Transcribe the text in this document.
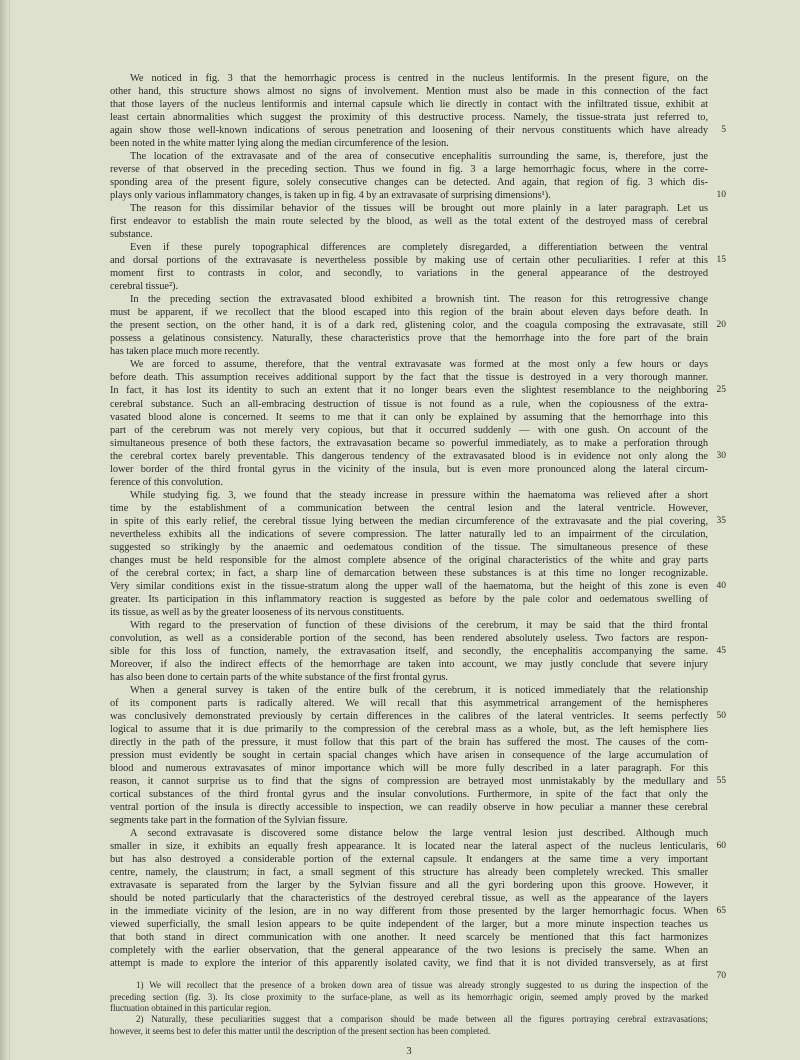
We noticed in fig. 3 that the hemorrhagic process is centred in the nucleus lentiformis. In the present figure, on the
other hand, this structure shows almost no signs of involvement. Mention must also be made in this connection of the fact
that those layers of the nucleus lentiformis and internal capsule which lie directly in contact with the infiltrated tissue, exhibit at
least certain abnormalities which suggest the proximity of this destructive process. Namely, the tissue-strata just referred to,
again show those well-known indications of serous penetration and loosening of their nervous constituents which have already
been noted in the white matter lying along the median circumference of the lesion.
The location of the extravasate and of the area of consecutive encephalitis surrounding the same, is, therefore, just the
reverse of that observed in the preceding section. Thus we found in fig. 3 a large hemorrhagic focus, where in the corre-
sponding area of the present figure, solely consecutive changes can be detected. And again, that region of fig. 3 which dis-
plays only various inflammatory changes, is taken up in fig. 4 by an extravasate of surprising dimensions¹).
The reason for this dissimilar behavior of the tissues will be brought out more plainly in a later paragraph. Let us
first endeavor to establish the main route selected by the blood, as well as the total extent of the destroyed mass of cerebral
substance.
Even if these purely topographical differences are completely disregarded, a differentiation between the ventral
and dorsal portions of the extravasate is nevertheless possible by making use of certain other peculiarities. I refer at this
moment first to contrasts in color, and secondly, to variations in the general appearance of the destroyed
cerebral tissue²).
In the preceding section the extravasated blood exhibited a brownish tint. The reason for this retrogressive change
must be apparent, if we recollect that the blood escaped into this region of the brain about eleven days before death. In
the present section, on the other hand, it is of a dark red, glistening color, and the coagula composing the extravasate, still
possess a gelatinous consistency. Naturally, these characteristics prove that the hemorrhage into the fore part of the brain
has taken place much more recently.
We are forced to assume, therefore, that the ventral extravasate was formed at the most only a few hours or days
before death. This assumption receives additional support by the fact that the tissue is destroyed in a very thorough manner.
In fact, it has lost its identity to such an extent that it no longer bears even the slightest resemblance to the neighboring
cerebral substance. Such an all-embracing destruction of tissue is not found as a rule, when the copiousness of the extra-
vasated blood alone is concerned. It seems to me that it can only be explained by assuming that the hemorrhage into this
part of the cerebrum was not merely very copious, but that it occurred suddenly — with one gush. On account of the
simultaneous presence of both these factors, the extravasation became so powerful immediately, as to make a perforation through
the cerebral cortex barely preventable. This dangerous tendency of the extravasated blood is in evidence not only along the
lower border of the third frontal gyrus in the vicinity of the insula, but is even more pronounced along the lateral circum-
ference of this convolution.
While studying fig. 3, we found that the steady increase in pressure within the haematoma was relieved after a short
time by the establishment of a communication between the central lesion and the lateral ventricle. However,
in spite of this early relief, the cerebral tissue lying between the median circumference of the extravasate and the pial covering,
nevertheless exhibits all the indications of severe compression. The latter naturally led to an impairment of the circulation,
suggested so strikingly by the anaemic and oedematous condition of the tissue. The simultaneous presence of these
changes must be held responsible for the almost complete absence of the original characteristics of the white and gray parts
of the cerebral cortex; in fact, a sharp line of demarcation between these substances is at this time no longer recognizable.
Very similar conditions exist in the tissue-stratum along the upper wall of the haematoma, but the height of this zone is even
greater. Its participation in this inflammatory reaction is suggested as before by the pale color and oedematous swelling of
its tissue, as well as by the greater looseness of its nervous constituents.
With regard to the preservation of function of these divisions of the cerebrum, it may be said that the third frontal
convolution, as well as a considerable portion of the second, has been rendered absolutely useless. Two factors are respon-
sible for this loss of function, namely, the extravasation itself, and secondly, the encephalitis accompanying the same.
Moreover, if also the indirect effects of the hemorrhage are taken into account, we may justly conclude that severe injury
has also been done to certain parts of the white substance of the first frontal gyrus.
When a general survey is taken of the entire bulk of the cerebrum, it is noticed immediately that the relationship
of its component parts is radically altered. We will recall that this asymmetrical arrangement of the hemispheres
was conclusively demonstrated previously by certain differences in the calibres of the lateral ventricles. It seems perfectly
logical to assume that it is due primarily to the compression of the cerebral mass as a whole, but, as the left hemisphere lies
directly in the path of the pressure, it must follow that this part of the brain has suffered the most. The causes of the com-
pression must evidently be sought in certain spacial changes which have arisen in consequence of the large accumulation of
blood and numerous extravasates of minor importance which will be more fully described in a later paragraph. For this
reason, it cannot surprise us to find that the signs of compression are betrayed most unmistakably by the medullary and
cortical substances of the third frontal gyrus and the insular convolutions. Furthermore, in spite of the fact that only the
ventral portion of the insula is directly accessible to inspection, we can readily observe in how peculiar a manner these cerebral
segments take part in the formation of the Sylvian fissure.
A second extravasate is discovered some distance below the large ventral lesion just described. Although much
smaller in size, it exhibits an equally fresh appearance. It is located near the lateral aspect of the nucleus lenticularis,
but has also destroyed a considerable portion of the external capsule. It endangers at the same time a very important
centre, namely, the claustrum; in fact, a small segment of this structure has already been completely wrecked. This smaller
extravasate is separated from the larger by the Sylvian fissure and all the gyri bordering upon this groove. However, it
should be noted particularly that the characteristics of the destroyed cerebral tissue, as well as the appearance of the layers
in the immediate vicinity of the lesion, are in no way different from those presented by the larger hemorrhagic focus. When
viewed superficially, the small lesion appears to be quite independent of the larger, but a more minute inspection teaches us
that both stand in direct communication with one another. It need scarcely be mentioned that this fact harmonizes
completely with the earlier observation, that the general appearance of the two lesions is precisely the same. When an
attempt is made to explore the interior of this apparently isolated cavity, we find that it is not divided transversely, as at first
5
10
15
20
25
30
35
40
45
50
55
60
65
70
1) We will recollect that the presence of a broken down area of tissue was already strongly suggested to us during the inspection of the
preceding section (fig. 3). Its close proximity to the surface-plane, as well as its hemorrhagic origin, seemed amply proved by the marked
fluctuation obtained in this particular region.
2) Naturally, these peculiarities suggest that a comparison should be made between all the figures portraying cerebral extravasations;
however, it seems best to defer this matter until the description of the present section has been completed.
3
